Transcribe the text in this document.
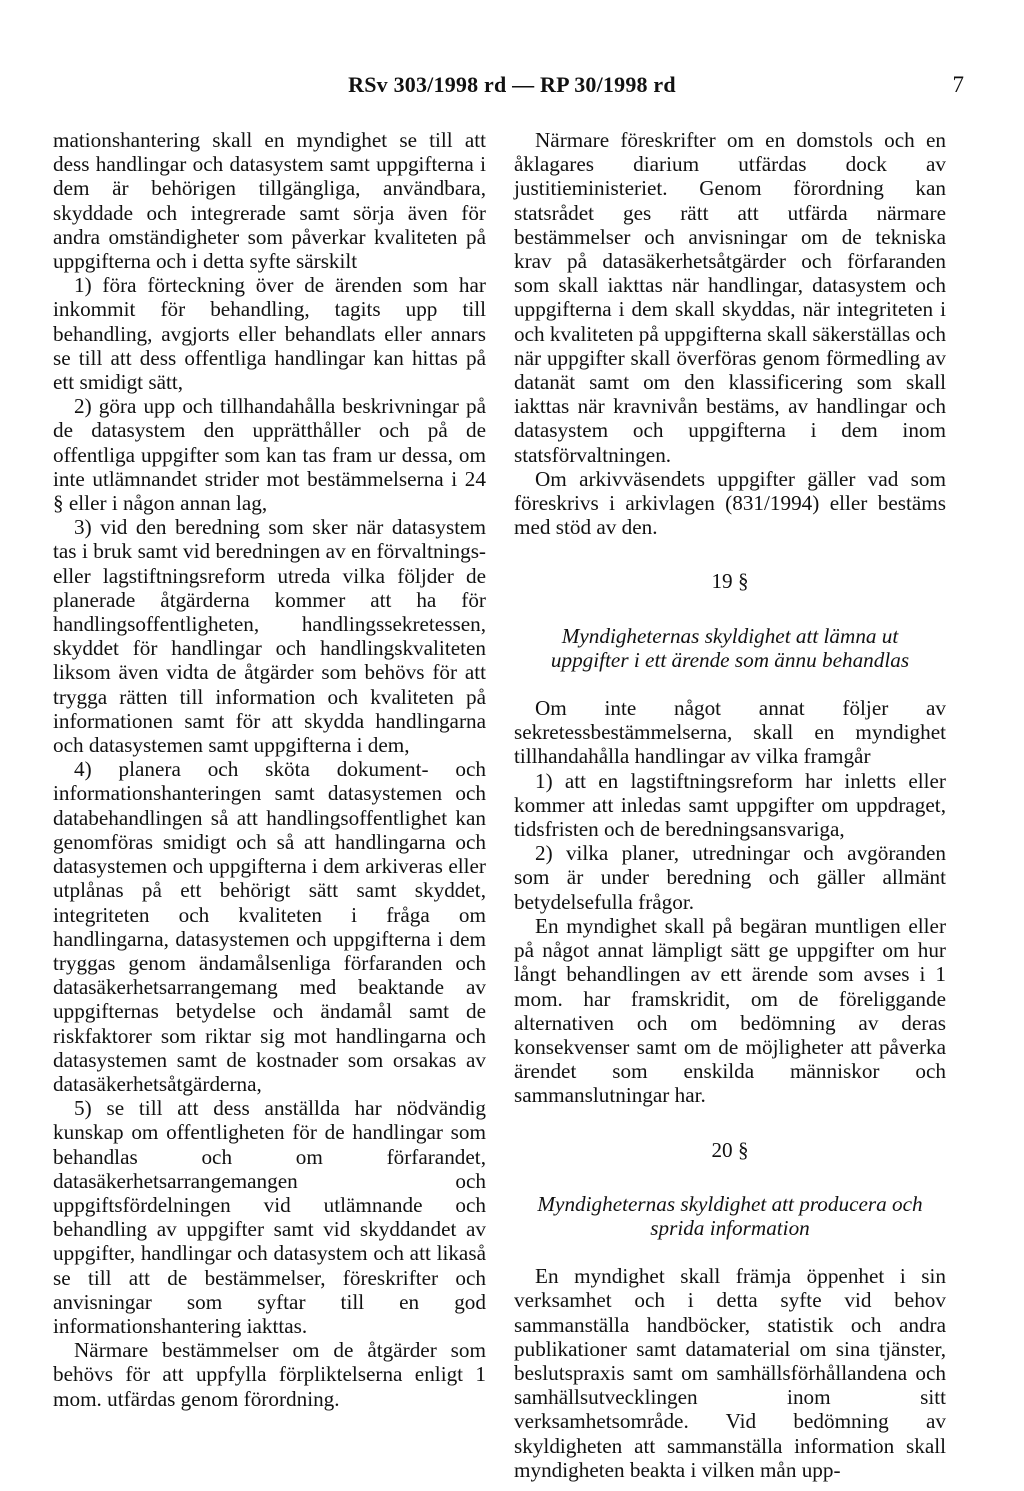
RSv 303/1998 rd — RP 30/1998 rd	7

mationshantering skall en myndighet se till att dess handlingar och datasystem samt uppgifterna i dem är behörigen tillgängliga, användbara, skyddade och integrerade samt sörja även för andra omständigheter som påverkar kvaliteten på uppgifterna och i detta syfte särskilt

1) föra förteckning över de ärenden som har inkommit för behandling, tagits upp till behandling, avgjorts eller behandlats eller annars se till att dess offentliga handlingar kan hittas på ett smidigt sätt,

2) göra upp och tillhandahålla beskrivningar på de datasystem den upprätthåller och på de offentliga uppgifter som kan tas fram ur dessa, om inte utlämnandet strider mot bestämmelserna i 24 § eller i någon annan lag,

3) vid den beredning som sker när datasystem tas i bruk samt vid beredningen av en förvaltnings- eller lagstiftningsreform utreda vilka följder de planerade åtgärderna kommer att ha för handlingsoffentligheten, handlingssekretessen, skyddet för handlingar och handlingskvaliteten liksom även vidta de åtgärder som behövs för att trygga rätten till information och kvaliteten på informationen samt för att skydda handlingarna och datasystemen samt uppgifterna i dem,

4) planera och sköta dokument- och informationshanteringen samt datasystemen och databehandlingen så att handlingsoffentlighet kan genomföras smidigt och så att handlingarna och datasystemen och uppgifterna i dem arkiveras eller utplånas på ett behörigt sätt samt skyddet, integriteten och kvaliteten i fråga om handlingarna, datasystemen och uppgifterna i dem tryggas genom ändamålsenliga förfaranden och datasäkerhetsarrangemang med beaktande av uppgifternas betydelse och ändamål samt de riskfaktorer som riktar sig mot handlingarna och datasystemen samt de kostnader som orsakas av datasäkerhetsåtgärderna,

5) se till att dess anställda har nödvändig kunskap om offentligheten för de handlingar som behandlas och om förfarandet, datasäkerhetsarrangemangen och uppgiftsfördelningen vid utlämnande och behandling av uppgifter samt vid skyddandet av uppgifter, handlingar och datasystem och att likaså se till att de bestämmelser, föreskrifter och anvisningar som syftar till en god informationshantering iakttas.

Närmare bestämmelser om de åtgärder som behövs för att uppfylla förpliktelserna enligt 1 mom. utfärdas genom förordning.

Närmare föreskrifter om en domstols och en åklagares diarium utfärdas dock av justitieministeriet. Genom förordning kan statsrådet ges rätt att utfärda närmare bestämmelser och anvisningar om de tekniska krav på datasäkerhetsåtgärder och förfaranden som skall iakttas när handlingar, datasystem och uppgifterna i dem skall skyddas, när integriteten i och kvaliteten på uppgifterna skall säkerställas och när uppgifter skall överföras genom förmedling av datanät samt om den klassificering som skall iakttas när kravnivån bestäms, av handlingar och datasystem och uppgifterna i dem inom statsförvaltningen.

Om arkivväsendets uppgifter gäller vad som föreskrivs i arkivlagen (831/1994) eller bestäms med stöd av den.

19 §

Myndigheternas skyldighet att lämna ut uppgifter i ett ärende som ännu behandlas

Om inte något annat följer av sekretessbestämmelserna, skall en myndighet tillhandahålla handlingar av vilka framgår

1) att en lagstiftningsreform har inletts eller kommer att inledas samt uppgifter om uppdraget, tidsfristen och de beredningsansvariga,

2) vilka planer, utredningar och avgöranden som är under beredning och gäller allmänt betydelsefulla frågor.

En myndighet skall på begäran muntligen eller på något annat lämpligt sätt ge uppgifter om hur långt behandlingen av ett ärende som avses i 1 mom. har framskridit, om de föreliggande alternativen och om bedömning av deras konsekvenser samt om de möjligheter att påverka ärendet som enskilda människor och sammanslutningar har.

20 §

Myndigheternas skyldighet att producera och sprida information

En myndighet skall främja öppenhet i sin verksamhet och i detta syfte vid behov sammanställa handböcker, statistik och andra publikationer samt datamaterial om sina tjänster, beslutspraxis samt om samhällsförhållandena och samhällsutvecklingen inom sitt verksamhetsområde. Vid bedömning av skyldigheten att sammanställa information skall myndigheten beakta i vilken mån upp-
